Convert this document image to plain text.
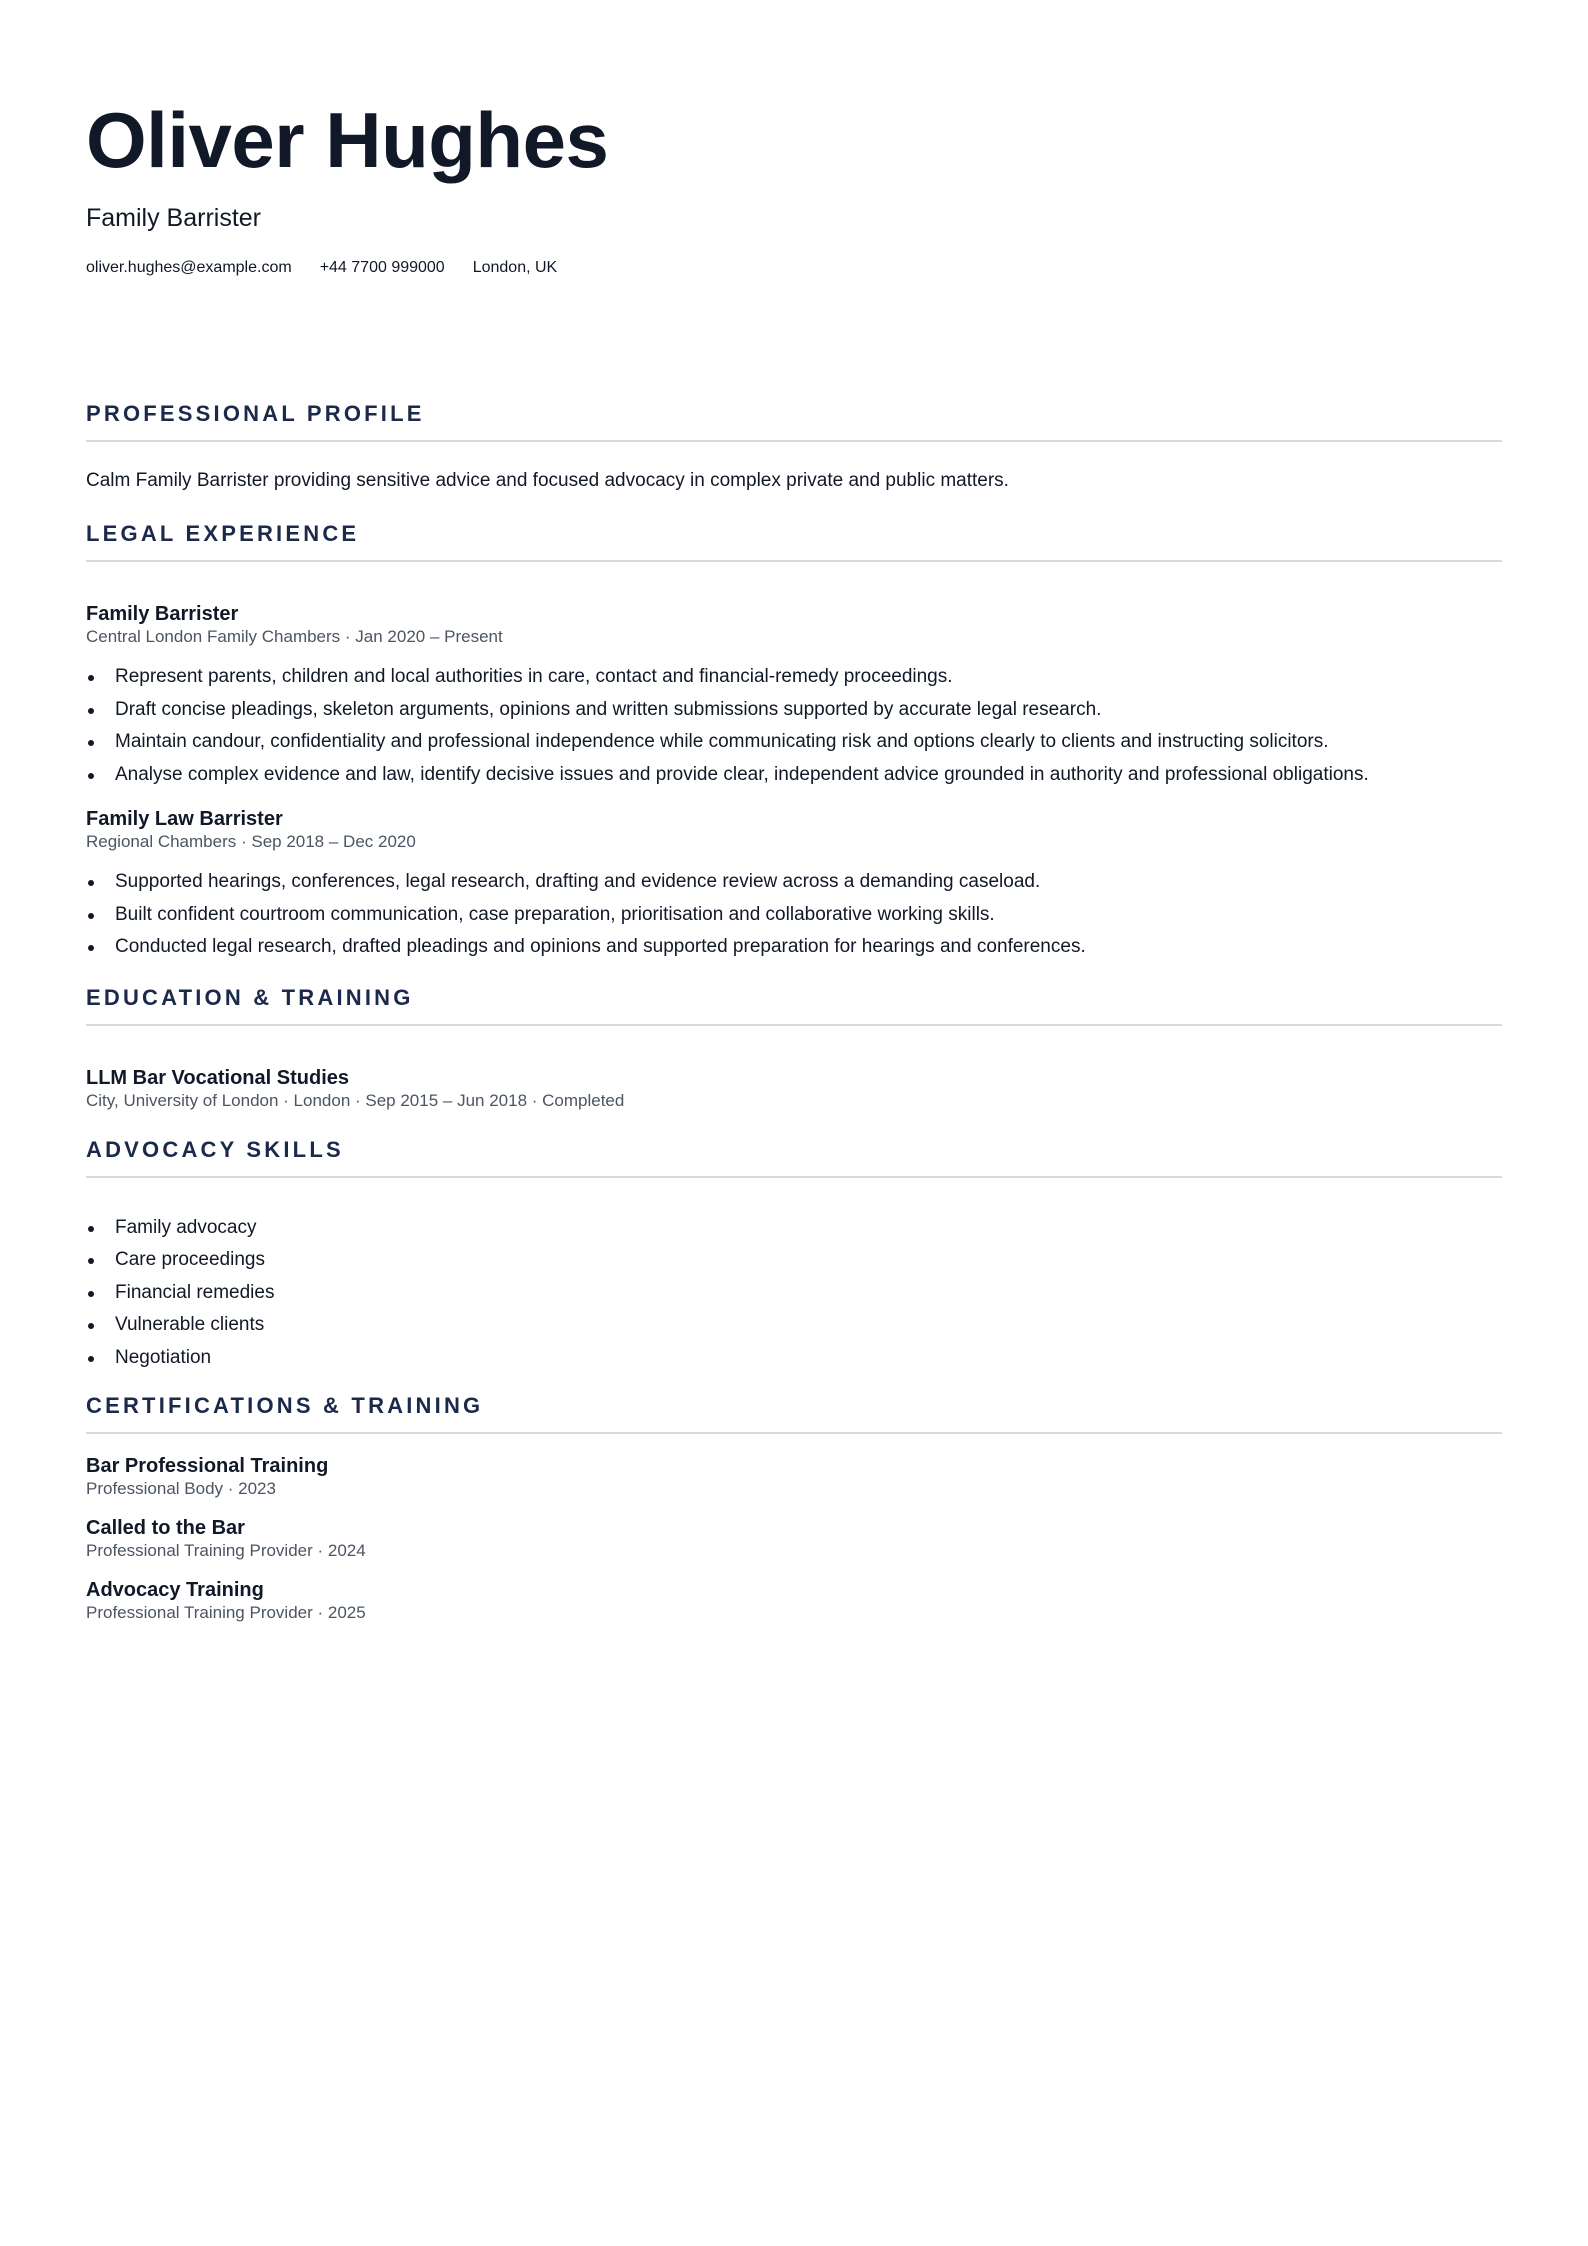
Oliver Hughes
Family Barrister
oliver.hughes@example.com +44 7700 999000 London, UK
PROFESSIONAL PROFILE
Calm Family Barrister providing sensitive advice and focused advocacy in complex private and public matters.
LEGAL EXPERIENCE
Family Barrister
Central London Family Chambers · Jan 2020 – Present
Represent parents, children and local authorities in care, contact and financial-remedy proceedings.
Draft concise pleadings, skeleton arguments, opinions and written submissions supported by accurate legal research.
Maintain candour, confidentiality and professional independence while communicating risk and options clearly to clients and instructing solicitors.
Analyse complex evidence and law, identify decisive issues and provide clear, independent advice grounded in authority and professional obligations.
Family Law Barrister
Regional Chambers · Sep 2018 – Dec 2020
Supported hearings, conferences, legal research, drafting and evidence review across a demanding caseload.
Built confident courtroom communication, case preparation, prioritisation and collaborative working skills.
Conducted legal research, drafted pleadings and opinions and supported preparation for hearings and conferences.
EDUCATION & TRAINING
LLM Bar Vocational Studies
City, University of London · London · Sep 2015 – Jun 2018 · Completed
ADVOCACY SKILLS
Family advocacy
Care proceedings
Financial remedies
Vulnerable clients
Negotiation
CERTIFICATIONS & TRAINING
Bar Professional Training
Professional Body · 2023
Called to the Bar
Professional Training Provider · 2024
Advocacy Training
Professional Training Provider · 2025
